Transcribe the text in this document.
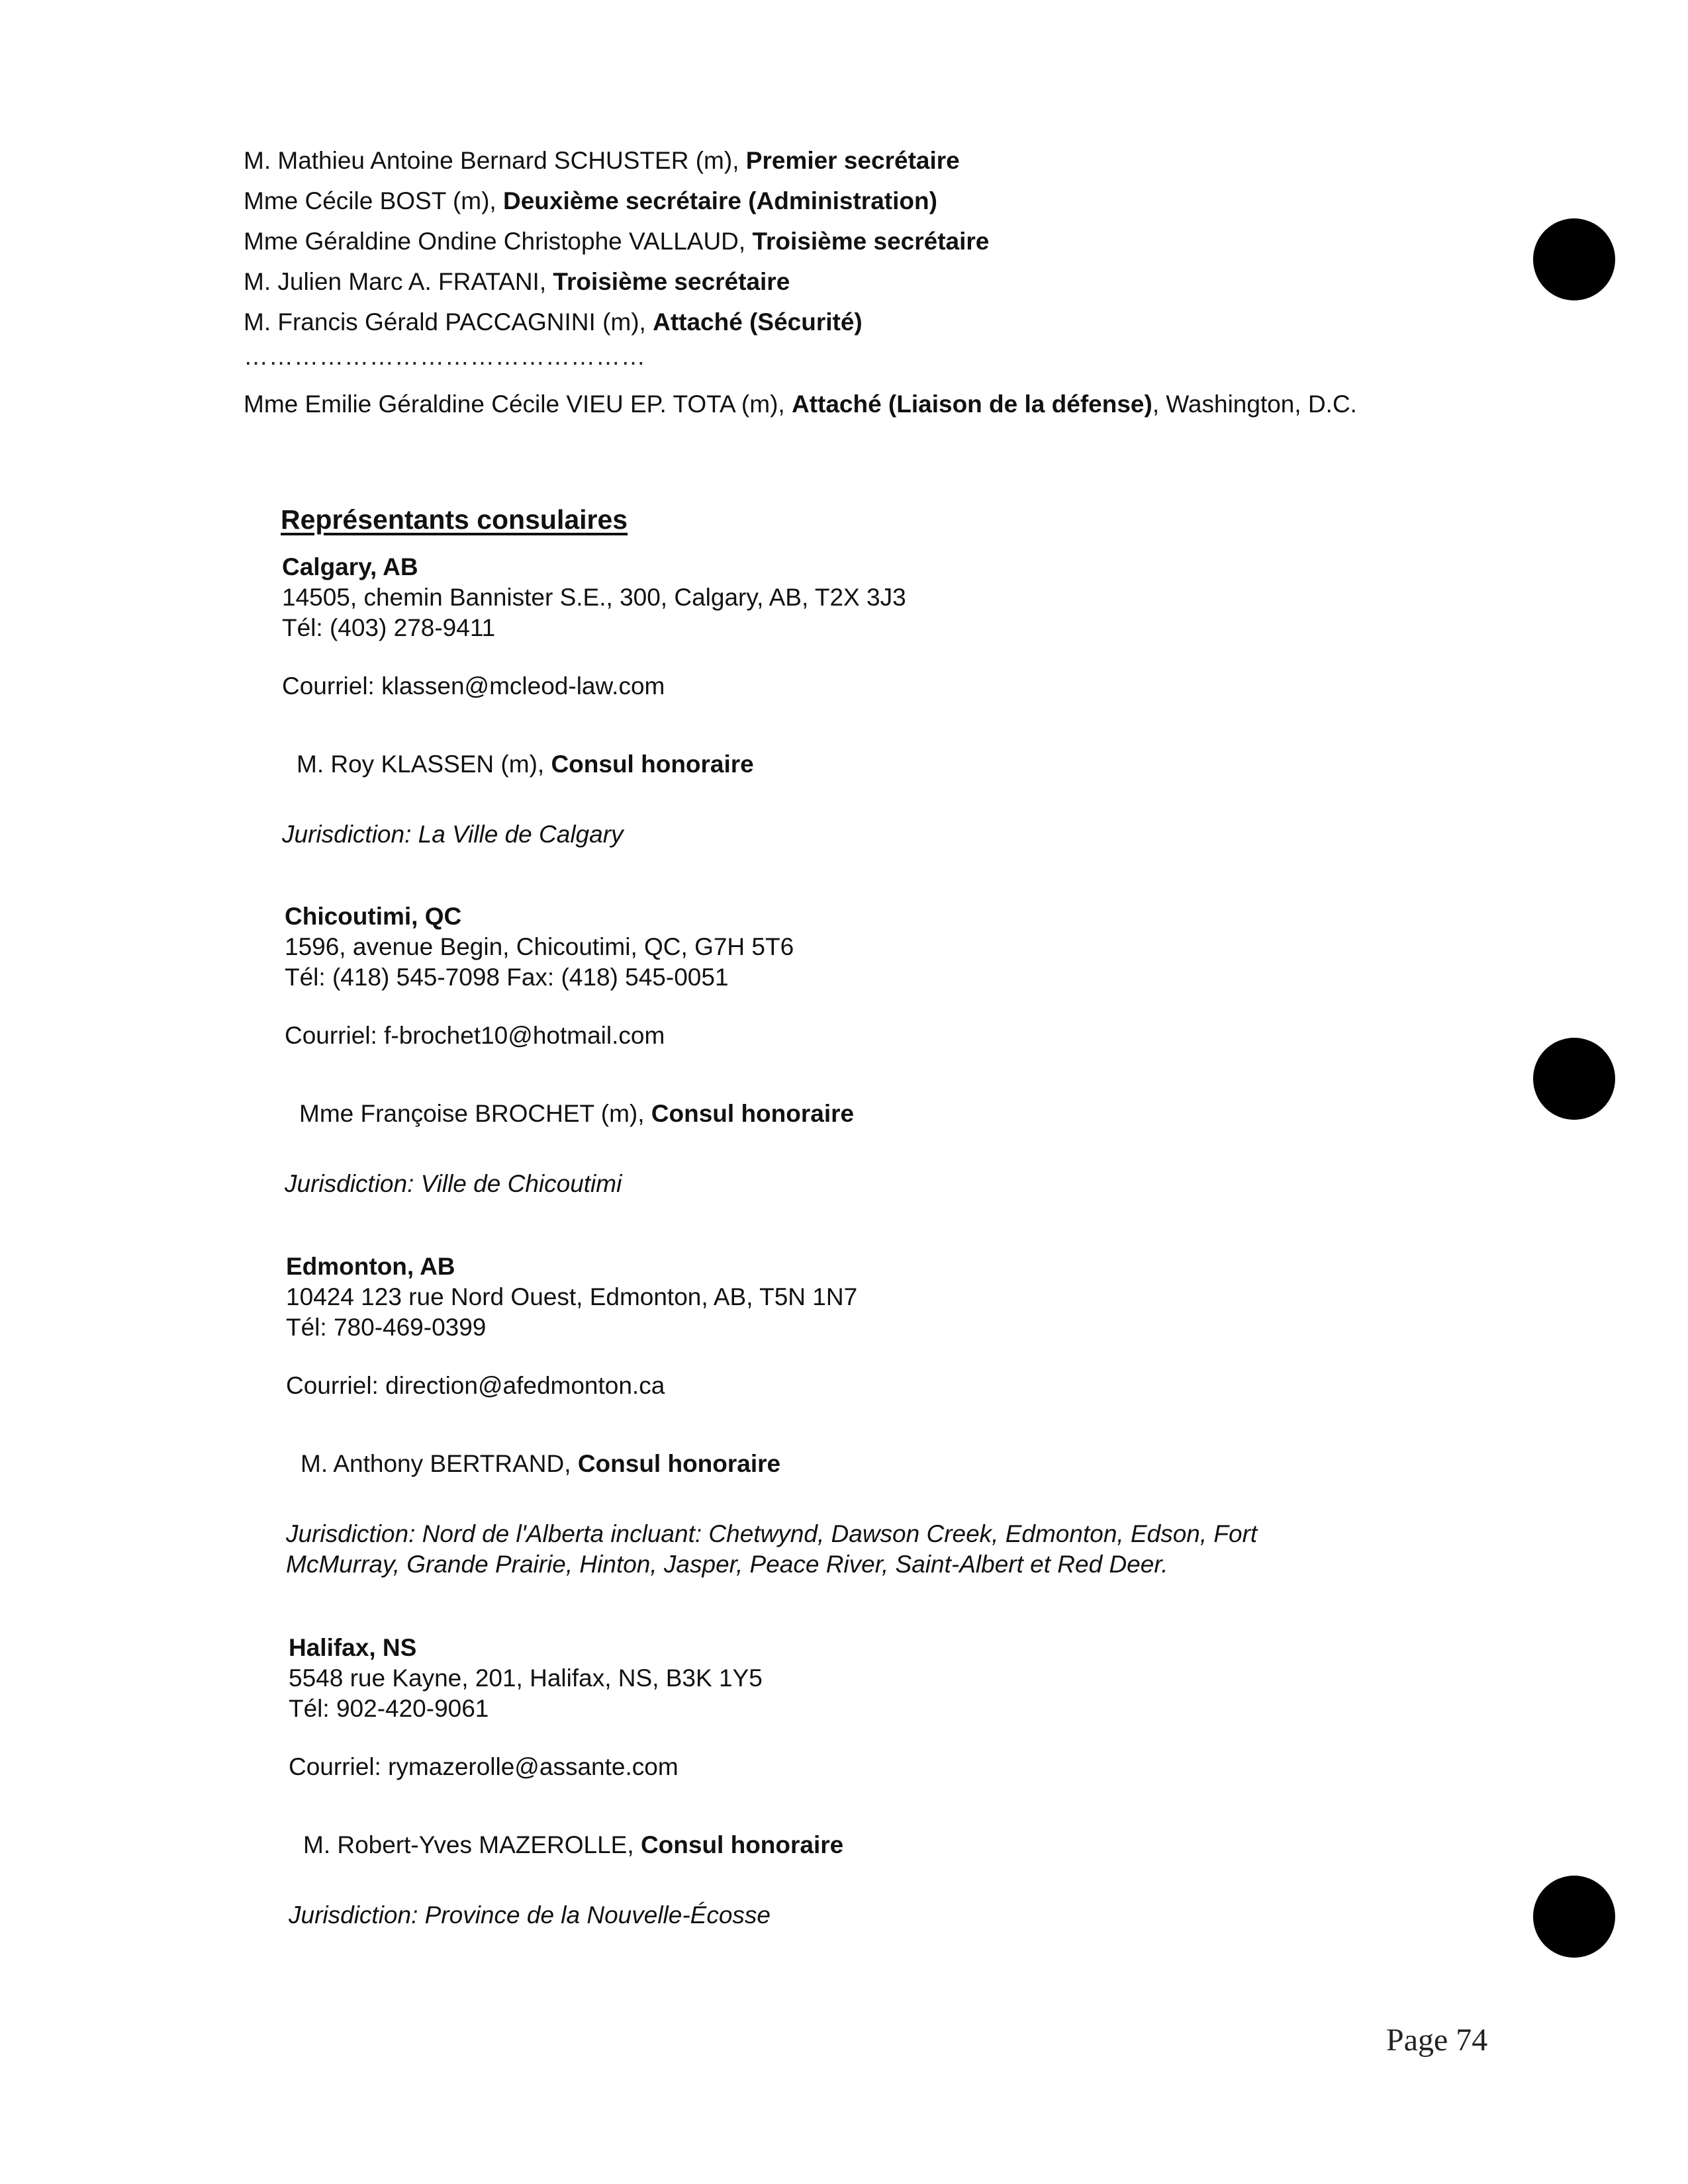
M. Mathieu Antoine Bernard SCHUSTER (m), Premier secrétaire
Mme Cécile BOST (m), Deuxième secrétaire (Administration)
Mme Géraldine Ondine Christophe VALLAUD, Troisième secrétaire
M. Julien Marc A. FRATANI, Troisième secrétaire
M. Francis Gérald PACCAGNINI (m), Attaché (Sécurité)
…………………………………………
Mme Emilie Géraldine Cécile VIEU EP. TOTA (m), Attaché (Liaison de la défense), Washington, D.C.
Représentants consulaires
Calgary, AB
14505, chemin Bannister S.E., 300, Calgary, AB, T2X 3J3
Tél: (403) 278-9411
Courriel: klassen@mcleod-law.com
M. Roy KLASSEN (m), Consul honoraire
Jurisdiction: La Ville de Calgary
Chicoutimi, QC
1596, avenue Begin, Chicoutimi, QC, G7H 5T6
Tél: (418) 545-7098 Fax: (418) 545-0051
Courriel: f-brochet10@hotmail.com
Mme Françoise BROCHET (m), Consul honoraire
Jurisdiction: Ville de Chicoutimi
Edmonton, AB
10424 123 rue Nord Ouest, Edmonton, AB, T5N 1N7
Tél: 780-469-0399
Courriel: direction@afedmonton.ca
M. Anthony BERTRAND, Consul honoraire
Jurisdiction: Nord de l'Alberta incluant: Chetwynd, Dawson Creek, Edmonton, Edson, Fort McMurray, Grande Prairie, Hinton, Jasper, Peace River, Saint-Albert et Red Deer.
Halifax, NS
5548 rue Kayne, 201, Halifax, NS, B3K 1Y5
Tél: 902-420-9061
Courriel: rymazerolle@assante.com
M. Robert-Yves MAZEROLLE, Consul honoraire
Jurisdiction: Province de la Nouvelle-Écosse
Page 74
